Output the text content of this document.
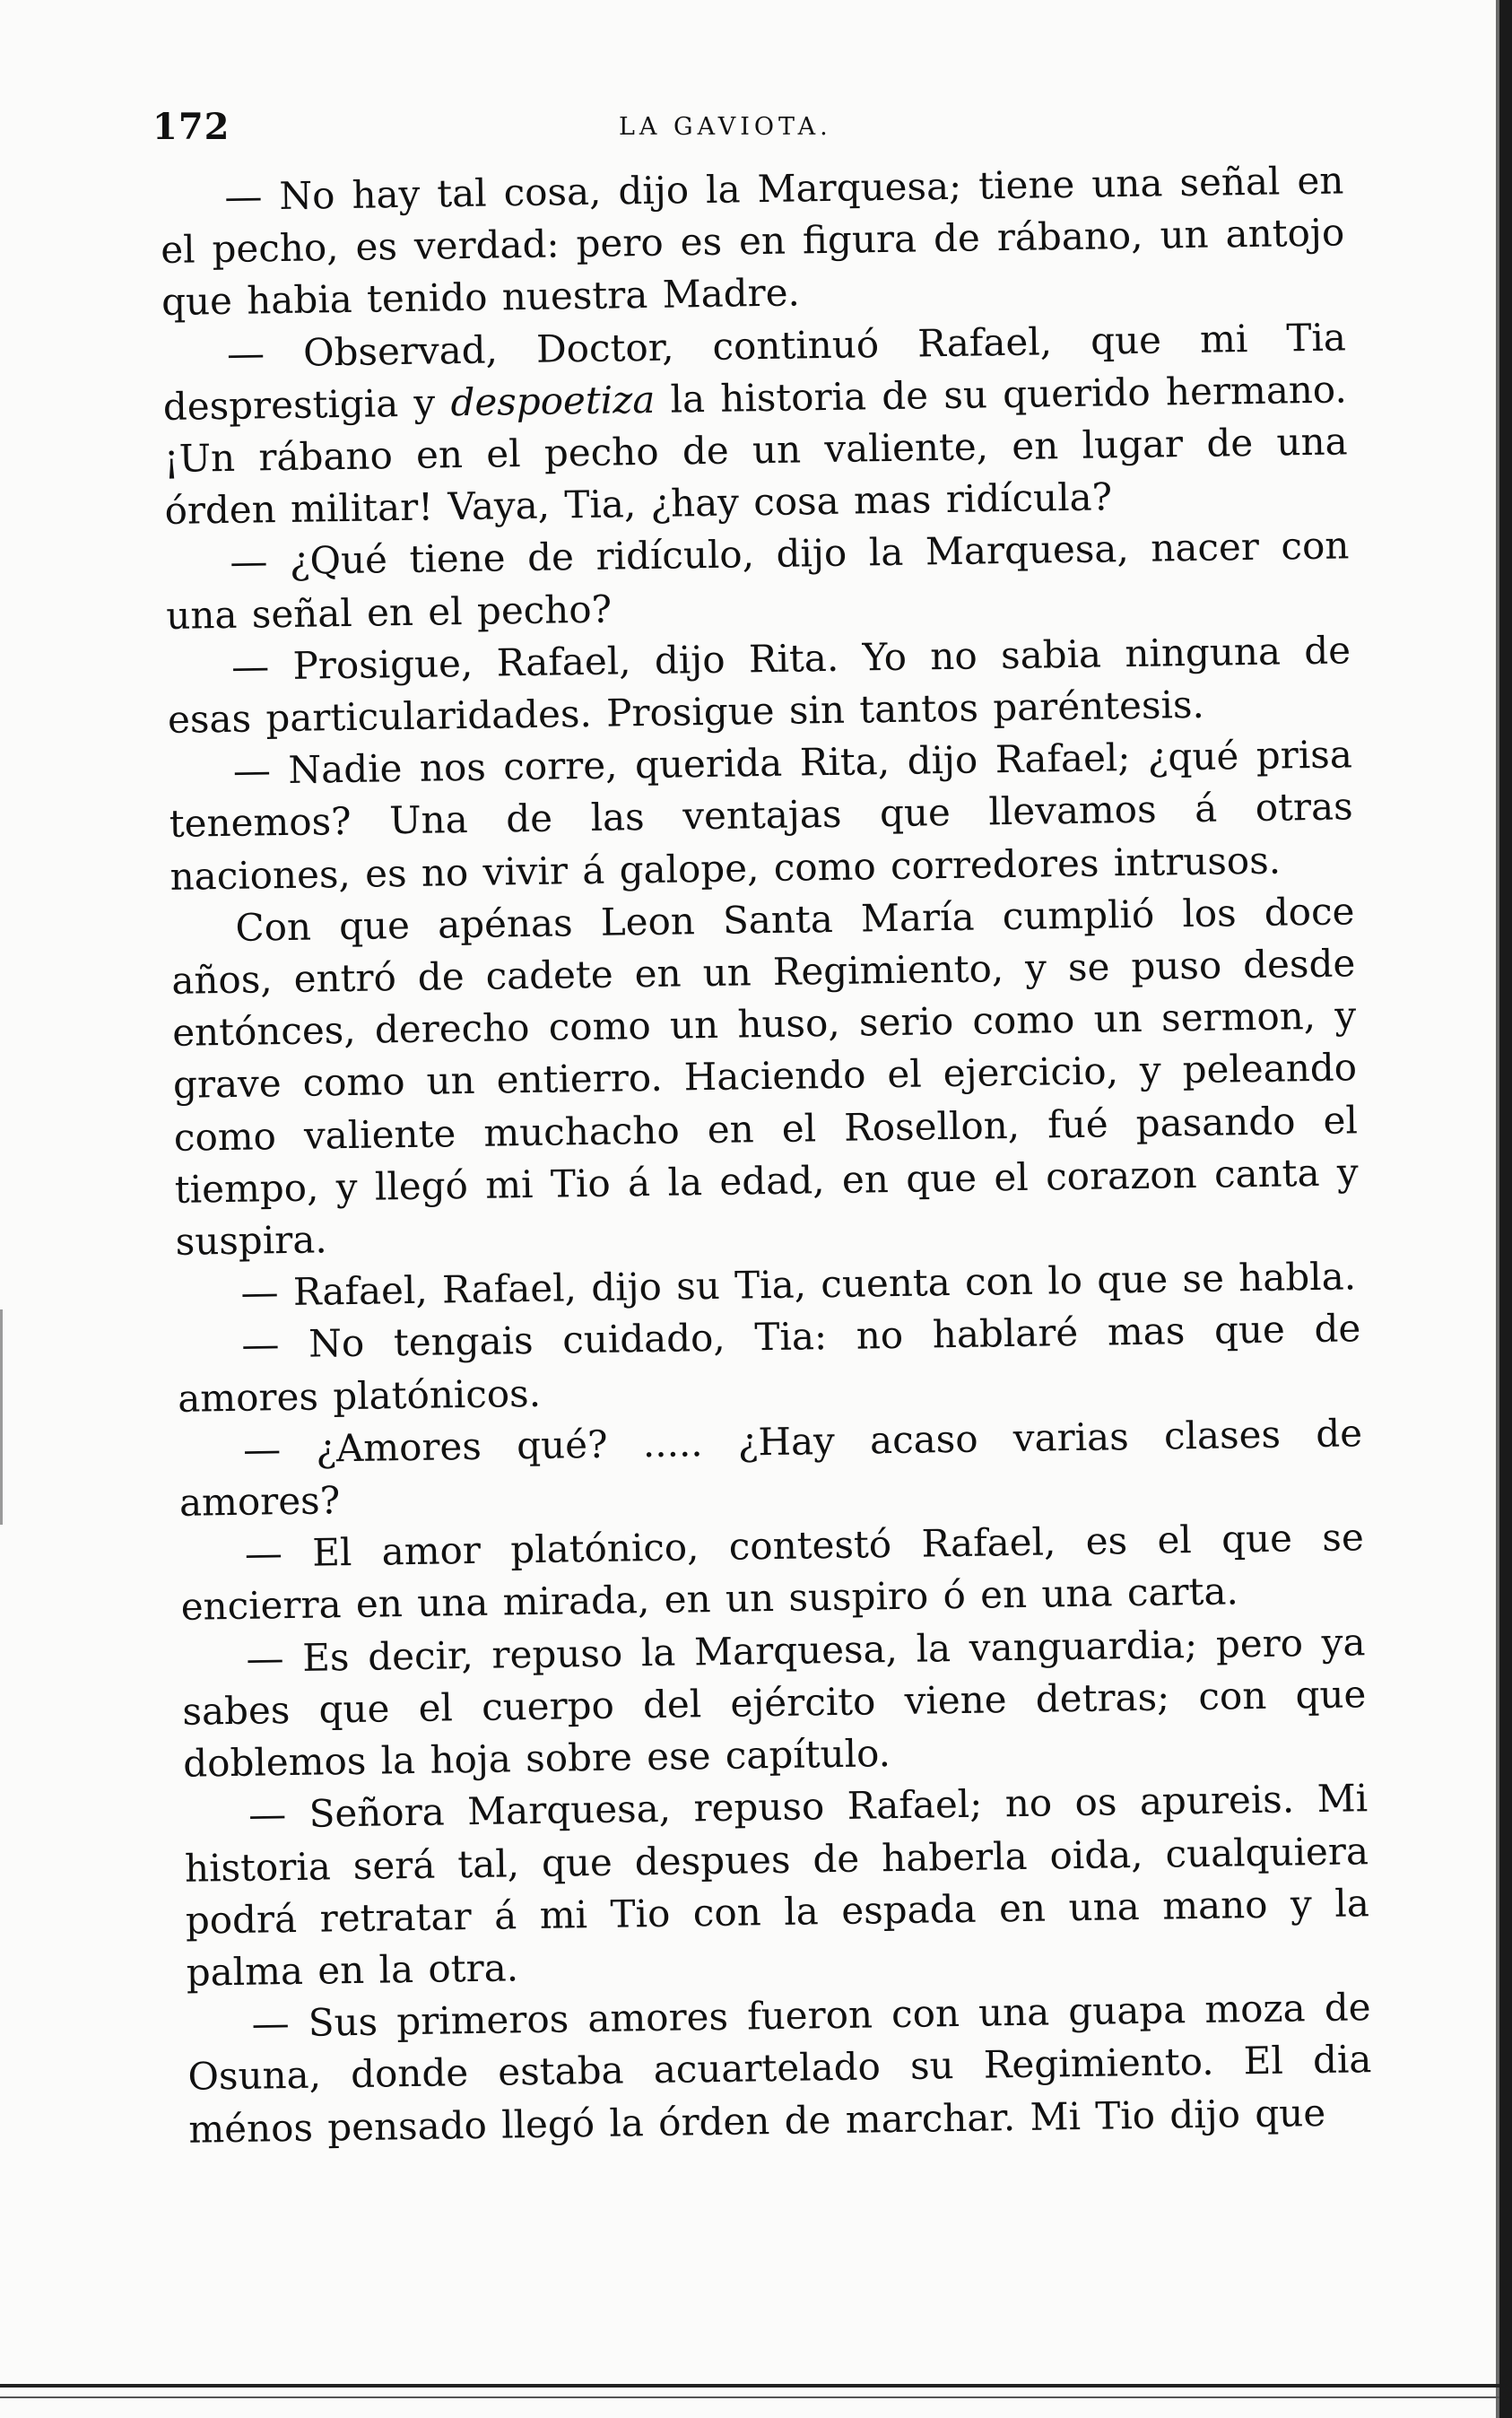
172	LA GAVIOTA.

— No hay tal cosa, dijo la Marquesa; tiene una señal en el pecho, es verdad: pero es en figura de rábano, un antojo que habia tenido nuestra Madre.

— Observad, Doctor, continuó Rafael, que mi Tia desprestigia y despoetiza la historia de su querido hermano. ¡Un rábano en el pecho de un valiente, en lugar de una órden militar! Vaya, Tia, ¿hay cosa mas ridícula?

— ¿Qué tiene de ridículo, dijo la Marquesa, nacer con una señal en el pecho?

— Prosigue, Rafael, dijo Rita. Yo no sabia ninguna de esas particularidades. Prosigue sin tantos paréntesis.

— Nadie nos corre, querida Rita, dijo Rafael; ¿qué prisa tenemos? Una de las ventajas que llevamos á otras naciones, es no vivir á galope, como corredores intrusos.

Con que apénas Leon Santa María cumplió los doce años, entró de cadete en un Regimiento, y se puso desde entónces, derecho como un huso, serio como un sermon, y grave como un entierro. Haciendo el ejercicio, y peleando como valiente muchacho en el Rosellon, fué pasando el tiempo, y llegó mi Tio á la edad, en que el corazon canta y suspira.

— Rafael, Rafael, dijo su Tia, cuenta con lo que se habla.

— No tengais cuidado, Tia: no hablaré mas que de amores platónicos.

— ¿Amores qué? ..... ¿Hay acaso varias clases de amores?

— El amor platónico, contestó Rafael, es el que se encierra en una mirada, en un suspiro ó en una carta.

— Es decir, repuso la Marquesa, la vanguardia; pero ya sabes que el cuerpo del ejército viene detras; con que doblemos la hoja sobre ese capítulo.

— Señora Marquesa, repuso Rafael; no os apureis. Mi historia será tal, que despues de haberla oida, cualquiera podrá retratar á mi Tio con la espada en una mano y la palma en la otra.

— Sus primeros amores fueron con una guapa moza de Osuna, donde estaba acuartelado su Regimiento. El dia ménos pensado llegó la órden de marchar. Mi Tio dijo que
